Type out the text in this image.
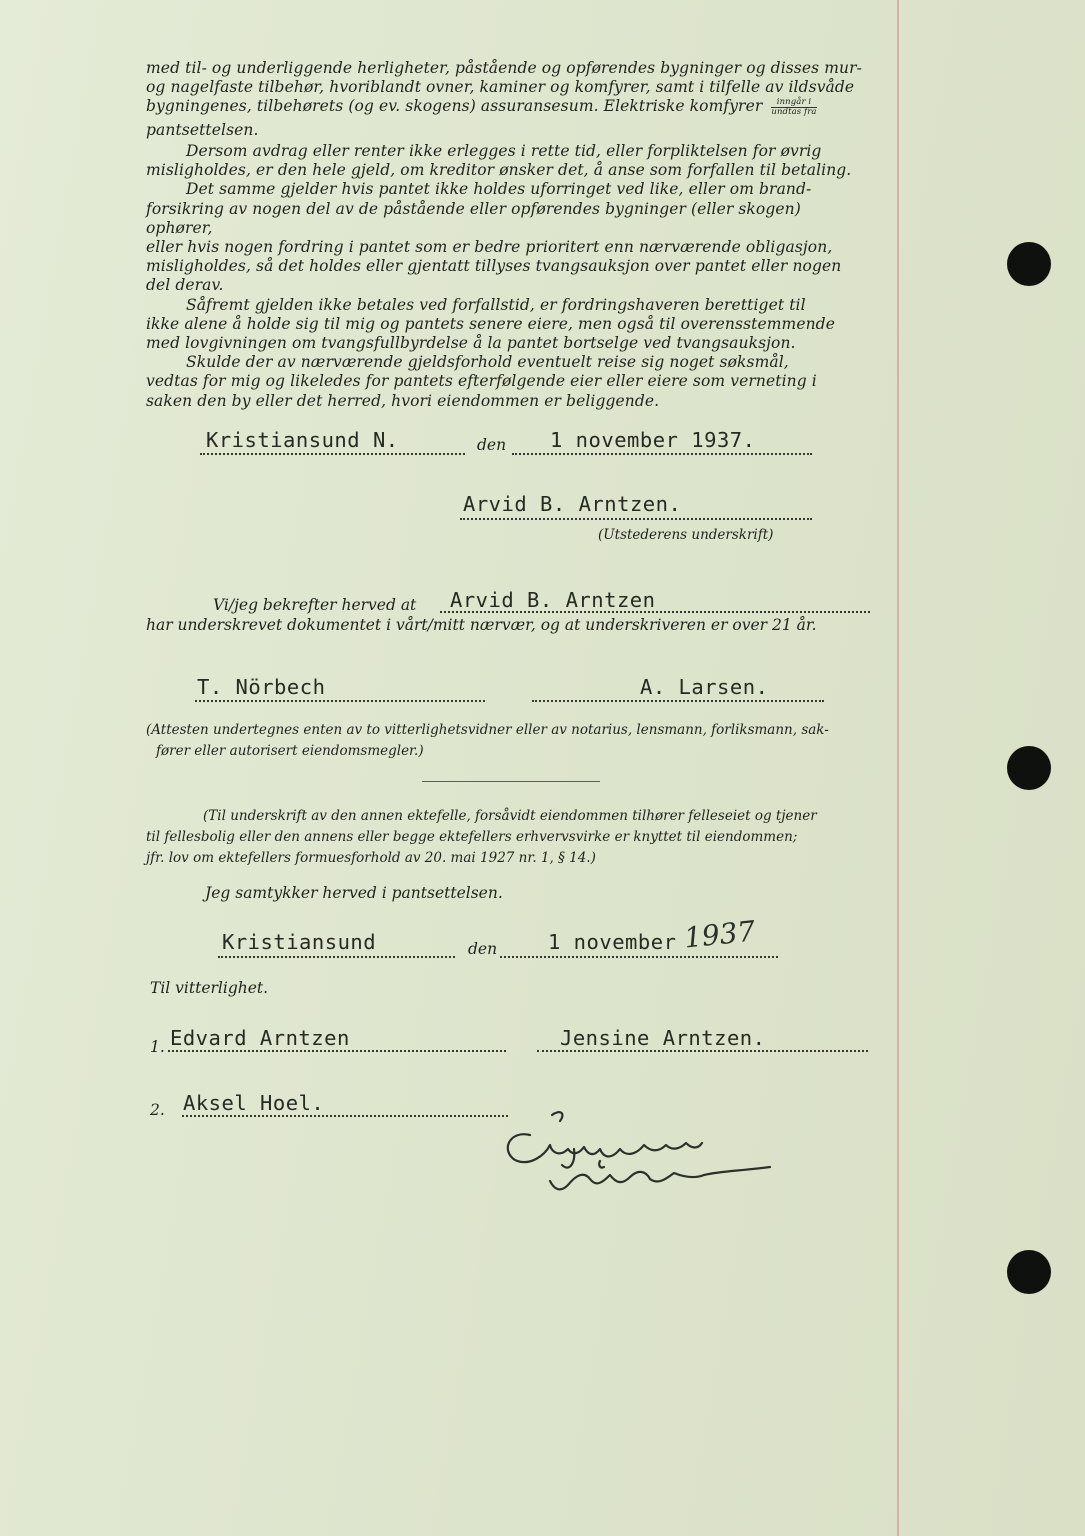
med til- og underliggende herligheter, påstående og opførendes bygninger og disses mur-
og nagelfaste tilbehør, hvoriblandt ovner, kaminer og komfyrer, samt i tilfelle av ildsvåde
bygningenes, tilbehørets (og ev. skogens) assuransesum. Elektriske komfyrer	inngår i
undtas fra
pantsettelsen.
Dersom avdrag eller renter ikke erlegges i rette tid, eller forpliktelsen for øvrig
misligholdes, er den hele gjeld, om kreditor ønsker det, å anse som forfallen til betaling.
Det samme gjelder hvis pantet ikke holdes uforringet ved like, eller om brand-
forsikring av nogen del av de påstående eller opførendes bygninger (eller skogen) ophører,
eller hvis nogen fordring i pantet som er bedre prioritert enn nærværende obligasjon,
misligholdes, så det holdes eller gjentatt tillyses tvangsauksjon over pantet eller nogen
del derav.
Såfremt gjelden ikke betales ved forfallstid, er fordringshaveren berettiget til
ikke alene å holde sig til mig og pantets senere eiere, men også til overensstemmende
med lovgivningen om tvangsfullbyrdelse å la pantet bortselge ved tvangsauksjon.
Skulde der av nærværende gjeldsforhold eventuelt reise sig noget søksmål,
vedtas for mig og likeledes for pantets efterfølgende eier eller eiere som verneting i
saken den by eller det herred, hvori eiendommen er beliggende.
Kristiansund N.	den 1 november 1937.
Arvid B. Arntzen.
(Utstederens underskrift)
Vi/jeg bekrefter herved at Arvid B. Arntzen
har underskrevet dokumentet i vårt/mitt nærvær, og at underskriveren er over 21 år.
T. Nörbech	A. Larsen.
(Attesten undertegnes enten av to vitterlighetsvidner eller av notarius, lensmann, forliksmann, sak-
fører eller autorisert eiendomsmegler.)
(Til underskrift av den annen ektefelle, forsåvidt eiendommen tilhører felleseiet og tjener
til fellesbolig eller den annens eller begge ektefellers erhvervsvirke er knyttet til eiendommen;
jfr. lov om ektefellers formuesforhold av 20. mai 1927 nr. 1, § 14.)
Jeg samtykker herved i pantsettelsen.
Kristiansund	den 1 november 1937
Til vitterlighet.
1. Edvard Arntzen	Jensine Arntzen.
2. Aksel Hoel.
